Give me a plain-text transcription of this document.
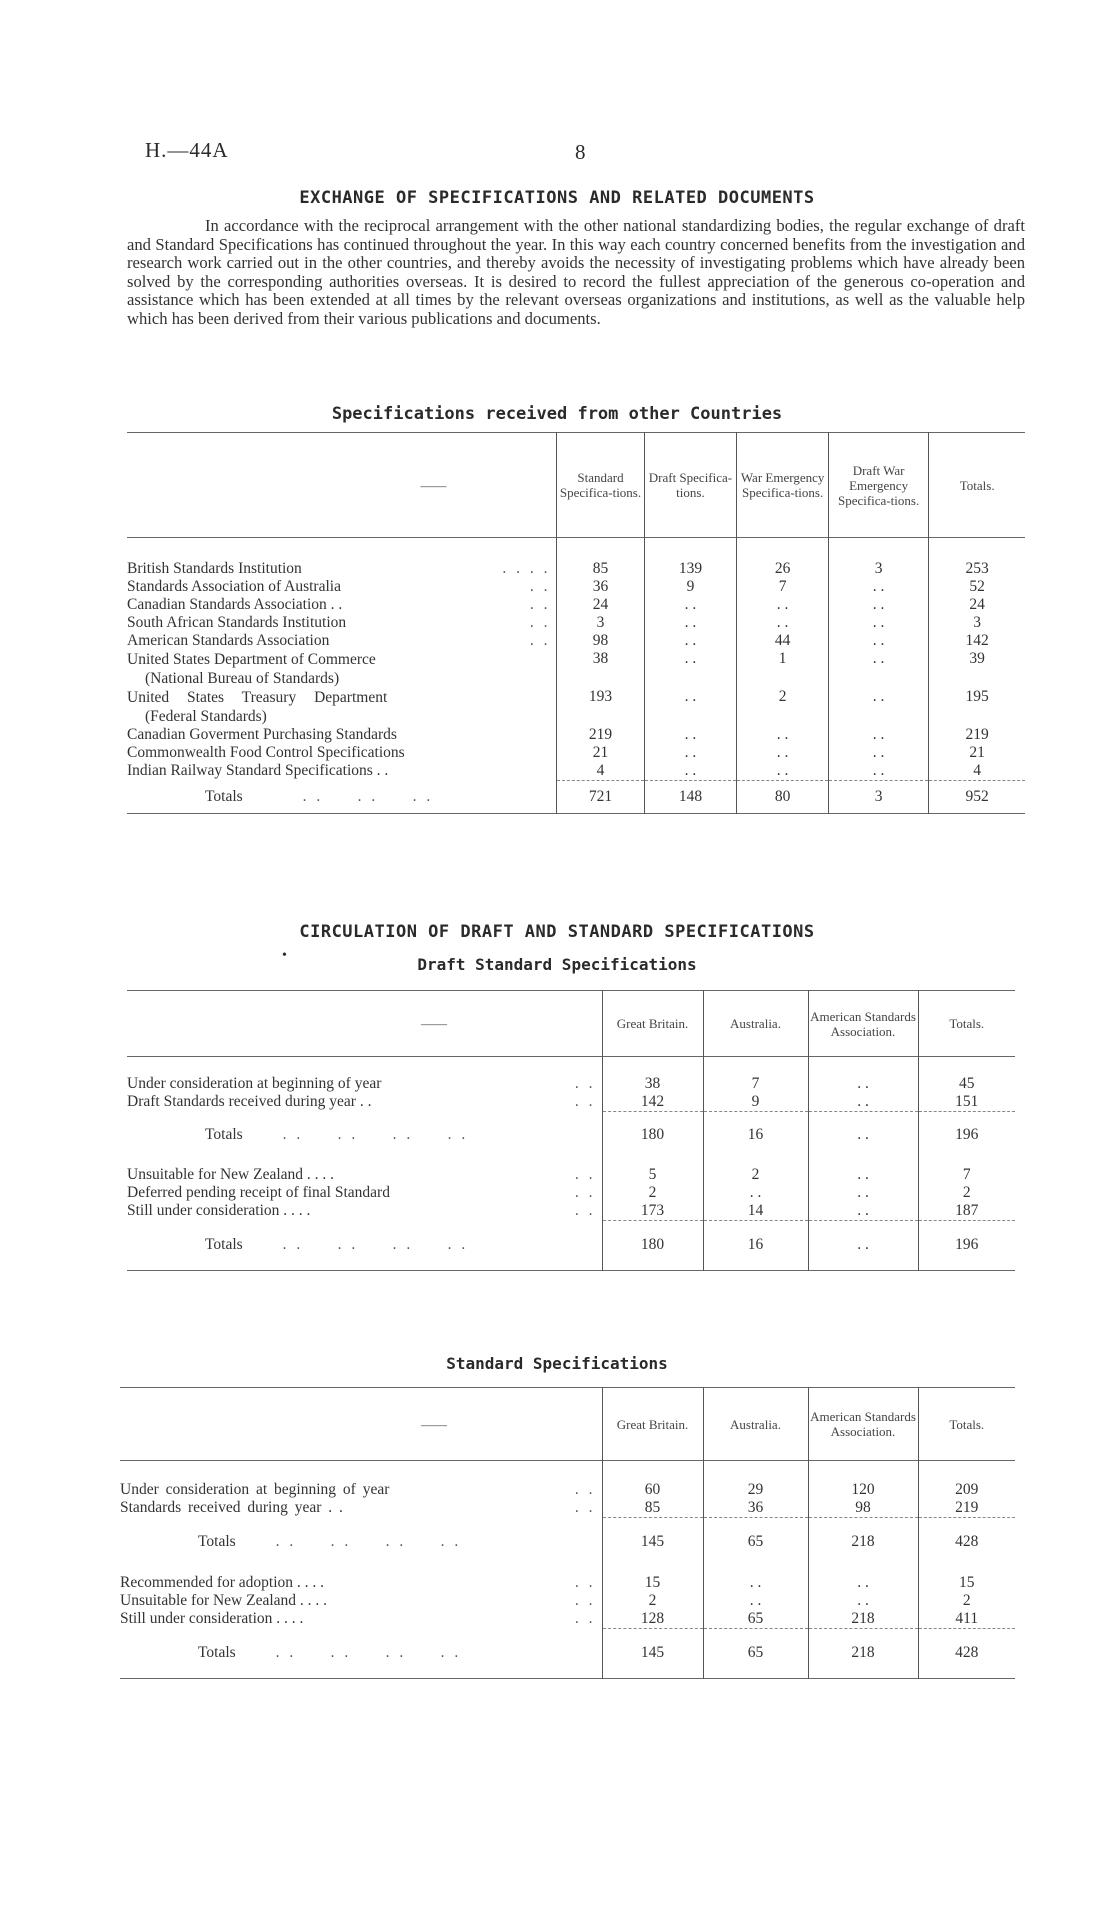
H.—44A	8
EXCHANGE OF SPECIFICATIONS AND RELATED DOCUMENTS
In accordance with the reciprocal arrangement with the other national standardizing bodies, the regular exchange of draft and Standard Specifications has continued throughout the year. In this way each country concerned benefits from the investigation and research work carried out in the other countries, and thereby avoids the necessity of investigating problems which have already been solved by the corresponding authorities overseas. It is desired to record the fullest appreciation of the generous co-operation and assistance which has been extended at all times by the relevant overseas organizations and institutions, as well as the valuable help which has been derived from their various publications and documents.
Specifications received from other Countries
——		Standard Specifica-tions.	Draft Specifica-tions.	War Emergency Specifica-tions.	Draft War Emergency Specifica-tions.	Totals.

British Standards Institution	. . . .	85	139	26	3	253
Standards Association of Australia	. .	36	9	7	. .	52
Canadian Standards Association . .	. .	24	. .	. .	. .	24
South African Standards Institution	. .	3	. .	. .	. .	3
American Standards Association	. .	98	. .	44	. .	142

United States Department of Commerce
(National Bureau of Standards)		38	. .	1	. .	39

United States Treasury Department
(Federal Standards)		193	. .	2	. .	195
Canadian Goverment Purchasing Standards		219	. .	. .	. .	219
Commonwealth Food Control Specifications		21	. .	. .	. .	21
Indian Railway Standard Specifications . .		4	. .	. .	. .	4
Totals . .     . .     . .		721	148	80	3	952
CIRCULATION OF DRAFT AND STANDARD SPECIFICATIONS
•	Draft Standard Specifications
——		Great Britain.	Australia.	American Standards Association.	Totals.

Under consideration at beginning of year	. .	38	7	. .	45
Draft Standards received during year . .	. .	142	9	. .	151
Totals . .     . .     . .     . .		180	16	. .	196

Unsuitable for New Zealand . . . .	. .	5	2	. .	7
Deferred pending receipt of final Standard	. .	2	. .	. .	2
Still under consideration . . . .	. .	173	14	. .	187
Totals . .     . .     . .     . .		180	16	. .	196
Standard Specifications
——		Great Britain.	Australia.	American Standards Association.	Totals.

Under consideration at beginning of year	. .	60	29	120	209
Standards received during year . .	. .	85	36	98	219
Totals . .     . .     . .     . .		145	65	218	428

Recommended for adoption . . . .	. .	15	. .	. .	15
Unsuitable for New Zealand . . . .	. .	2	. .	. .	2
Still under consideration . . . .	. .	128	65	218	411
Totals . .     . .     . .     . .		145	65	218	428
